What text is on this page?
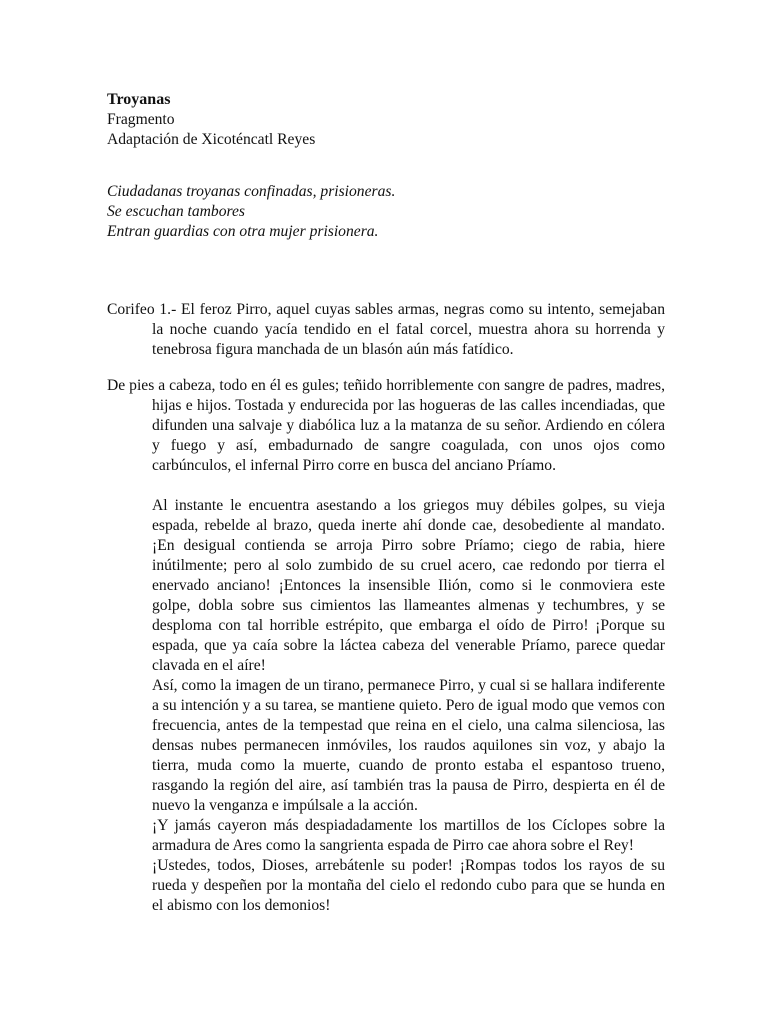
Troyanas
Fragmento
Adaptación de Xicoténcatl Reyes
Ciudadanas troyanas confinadas, prisioneras.
Se escuchan tambores
Entran guardias con otra mujer prisionera.
Corifeo 1.- El feroz Pirro, aquel cuyas sables armas, negras como su intento, semejaban la noche cuando yacía tendido en el fatal corcel, muestra ahora su horrenda y tenebrosa figura manchada de un blasón aún más fatídico.
De pies a cabeza, todo en él es gules; teñido horriblemente con sangre de padres, madres, hijas e hijos. Tostada y endurecida por las hogueras de las calles incendiadas, que difunden una salvaje y diabólica luz a la matanza de su señor. Ardiendo en cólera y fuego y así, embadurnado de sangre coagulada, con unos ojos como carbúnculos, el infernal Pirro corre en busca del anciano Príamo.

Al instante le encuentra asestando a los griegos muy débiles golpes, su vieja espada, rebelde al brazo, queda inerte ahí donde cae, desobediente al mandato. ¡En desigual contienda se arroja Pirro sobre Príamo; ciego de rabia, hiere inútilmente; pero al solo zumbido de su cruel acero, cae redondo por tierra el enervado anciano! ¡Entonces la insensible Ilión, como si le conmoviera este golpe, dobla sobre sus cimientos las llameantes almenas y techumbres, y se desploma con tal horrible estrépito, que embarga el oído de Pirro! ¡Porque su espada, que ya caía sobre la láctea cabeza del venerable Príamo, parece quedar clavada en el aíre!

Así, como la imagen de un tirano, permanece Pirro, y cual si se hallara indiferente a su intención y a su tarea, se mantiene quieto. Pero de igual modo que vemos con frecuencia, antes de la tempestad que reina en el cielo, una calma silenciosa, las densas nubes permanecen inmóviles, los raudos aquilones sin voz, y abajo la tierra, muda como la muerte, cuando de pronto estaba el espantoso trueno, rasgando la región del aire, así también tras la pausa de Pirro, despierta en él de nuevo la venganza e impúlsale a la acción.

¡Y jamás cayeron más despiadadamente los martillos de los Cíclopes sobre la armadura de Ares como la sangrienta espada de Pirro cae ahora sobre el Rey!

¡Ustedes, todos, Dioses, arrebátenle su poder! ¡Rompas todos los rayos de su rueda y despeñen por la montaña del cielo el redondo cubo para que se hunda en el abismo con los demonios!
